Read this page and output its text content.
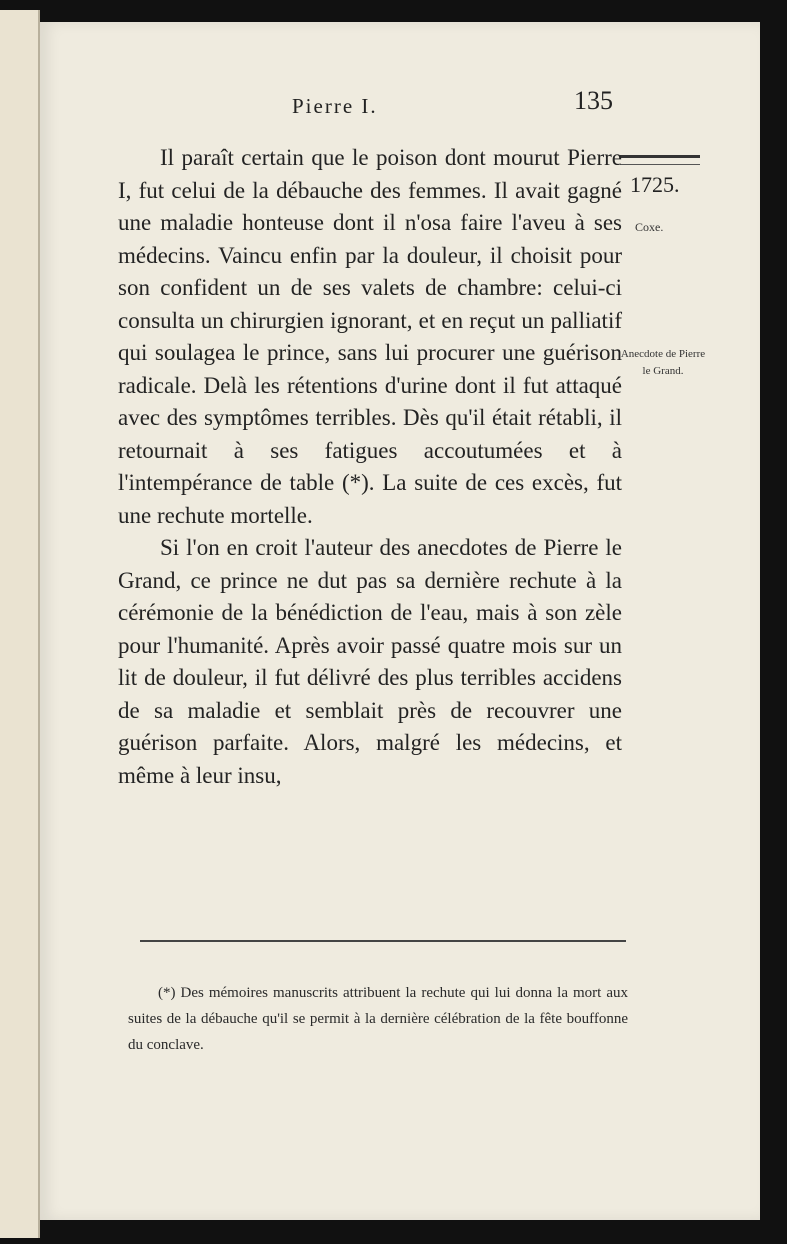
Pierre I.	135
1725.
Coxe.
Anecdote de Pierre le Grand.

Il paraît certain que le poison dont mourut Pierre I, fut celui de la débauche des femmes. Il avait gagné une maladie honteuse dont il n'osa faire l'aveu à ses médecins. Vaincu enfin par la douleur, il choisit pour son confident un de ses valets de chambre: celui-ci consulta un chirurgien ignorant, et en reçut un palliatif qui soulagea le prince, sans lui procurer une guérison radicale. Delà les rétentions d'urine dont il fut attaqué avec des symptômes terribles. Dès qu'il était rétabli, il retournait à ses fatigues accoutumées et à l'intempérance de table (*). La suite de ces excès, fut une rechute mortelle.

Si l'on en croit l'auteur des anecdotes de Pierre le Grand, ce prince ne dut pas sa dernière rechute à la cérémonie de la bénédiction de l'eau, mais à son zèle pour l'humanité. Après avoir passé quatre mois sur un lit de douleur, il fut délivré des plus terribles accidens de sa maladie et semblait près de recouvrer une guérison parfaite. Alors, malgré les médecins, et même à leur insu,

(*) Des mémoires manuscrits attribuent la rechute qui lui donna la mort aux suites de la débauche qu'il se permit à la dernière célébration de la fête bouffonne du conclave.
